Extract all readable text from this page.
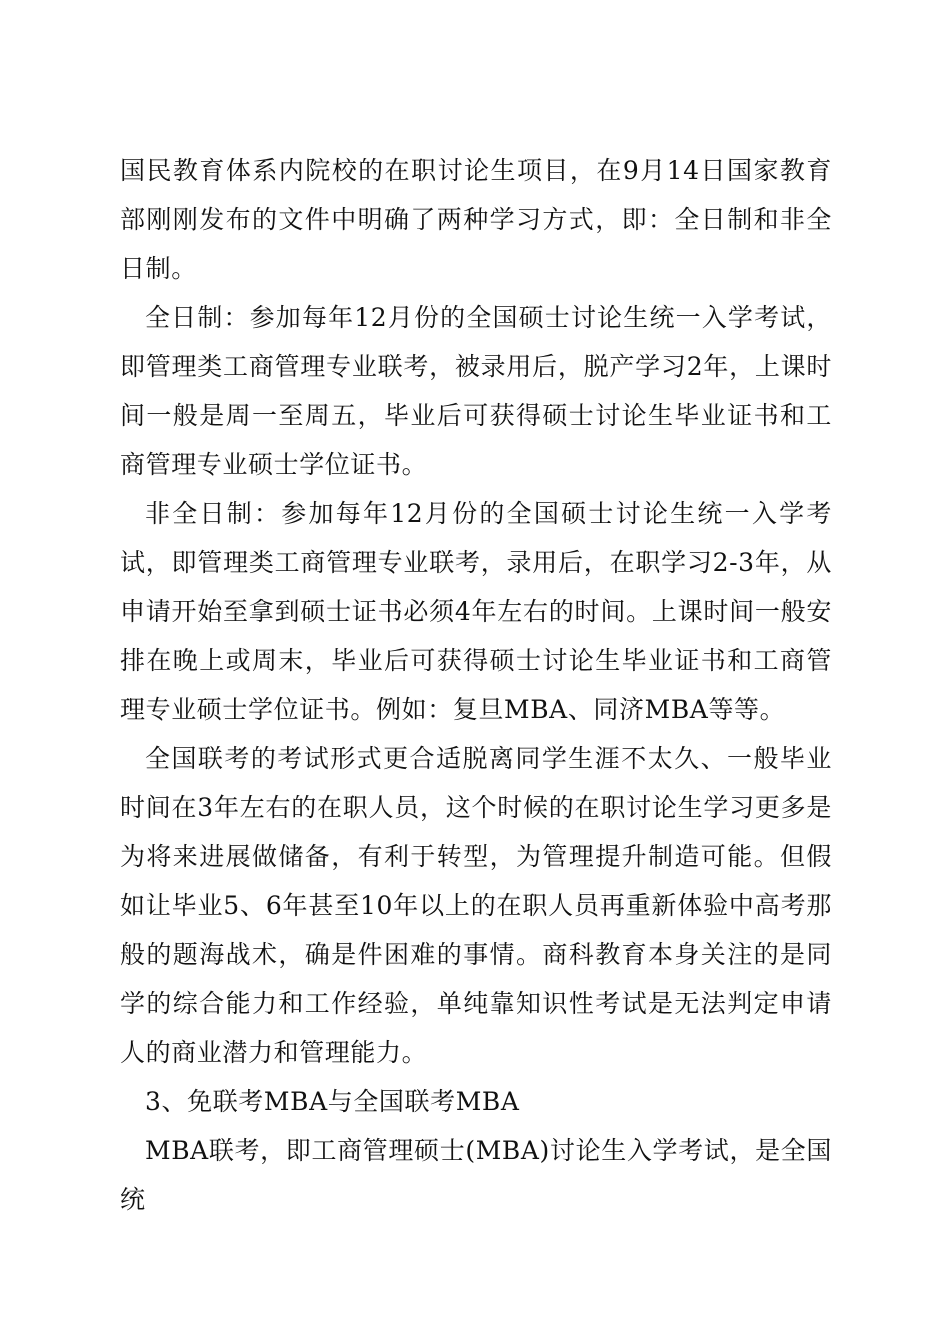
国民教育体系内院校的在职讨论生项目，在9月14日国家教育部刚刚发布的文件中明确了两种学习方式，即：全日制和非全日制。

全日制：参加每年12月份的全国硕士讨论生统一入学考试，即管理类工商管理专业联考，被录用后，脱产学习2年，上课时间一般是周一至周五，毕业后可获得硕士讨论生毕业证书和工商管理专业硕士学位证书。

非全日制：参加每年12月份的全国硕士讨论生统一入学考试，即管理类工商管理专业联考，录用后，在职学习2-3年，从申请开始至拿到硕士证书必须4年左右的时间。上课时间一般安排在晚上或周末，毕业后可获得硕士讨论生毕业证书和工商管理专业硕士学位证书。例如：复旦MBA、同济MBA等等。

全国联考的考试形式更合适脱离同学生涯不太久、一般毕业时间在3年左右的在职人员，这个时候的在职讨论生学习更多是为将来进展做储备，有利于转型，为管理提升制造可能。但假如让毕业5、6年甚至10年以上的在职人员再重新体验中高考那般的题海战术，确是件困难的事情。商科教育本身关注的是同学的综合能力和工作经验，单纯靠知识性考试是无法判定申请人的商业潜力和管理能力。

3、免联考MBA与全国联考MBA

MBA联考，即工商管理硕士(MBA)讨论生入学考试，是全国统
